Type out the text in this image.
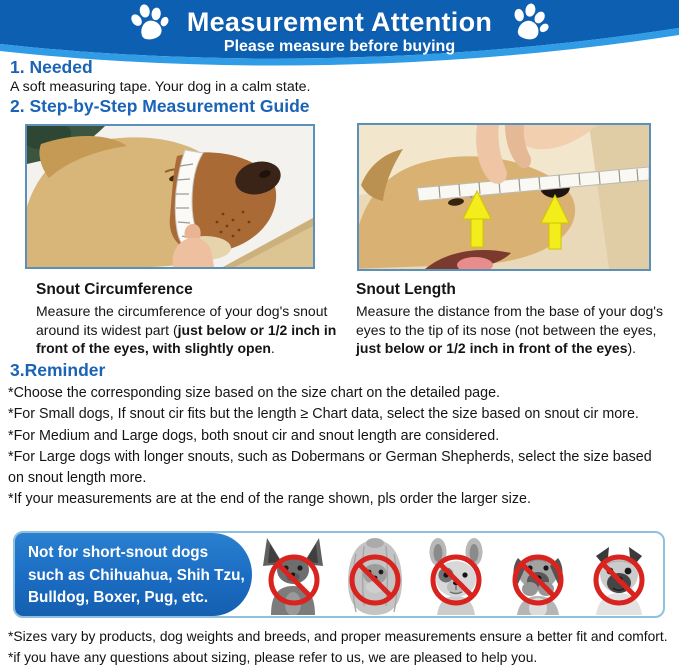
Measurement Attention
Please measure before buying
1. Needed
A soft measuring tape. Your dog in a calm state.
2. Step-by-Step Measurement Guide
Snout Circumference
Measure the circumference of your dog's snout around its widest part (just below or 1/2 inch in front of the eyes, with slightly open.
Snout Length
Measure the distance from the base of your dog's eyes to the tip of its nose (not between the eyes, just below or 1/2 inch in front of the eyes).
3.Reminder

*Choose the corresponding size based on the size chart on the detailed page.

*For Small dogs, If snout cir fits but the length ≥ Chart data, select the size based on snout cir more.

*For Medium and Large dogs, both snout cir and snout length are considered.

*For Large dogs with longer snouts, such as Dobermans or German Shepherds, select the size based on snout length more.

*If your measurements are at the end of the range shown, pls order the larger size.

Not for short-snout dogs
such as Chihuahua, Shih Tzu,
Bulldog, Boxer, Pug, etc.
*Sizes vary by products, dog weights and breeds, and proper measurements ensure a better fit and comfort.
*if you have any questions about sizing, please refer to us, we are pleased to help you.
